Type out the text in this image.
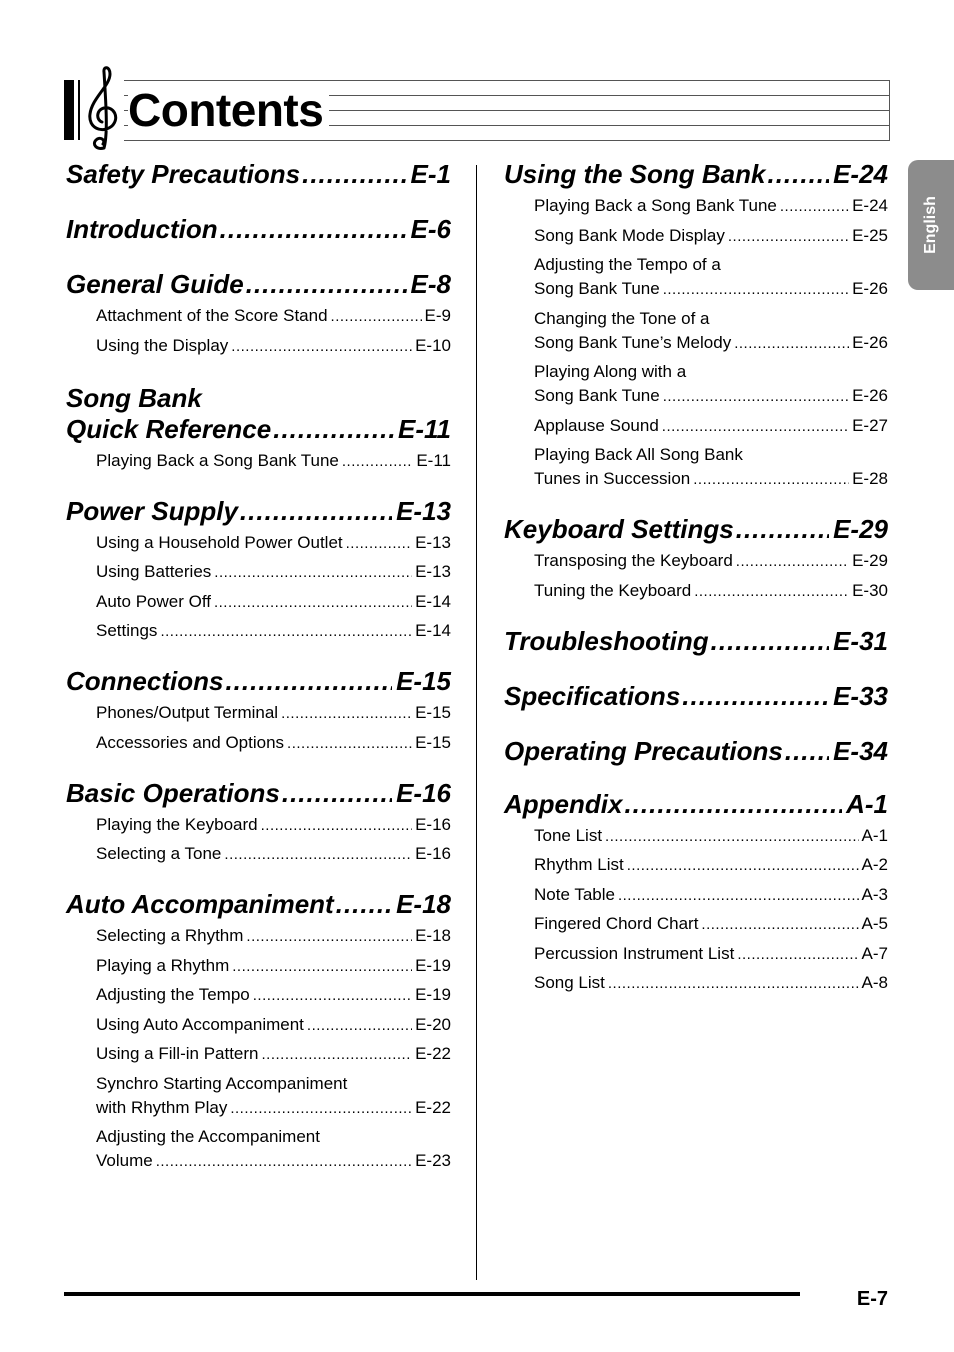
Contents
Safety Precautions .....	E-1
Introduction .....	E-6
General Guide .....	E-8
Attachment of the Score Stand .....	E-9
Using the Display .....	E-10
Song Bank
Quick Reference .....	E-11
Playing Back a Song Bank Tune .....	E-11
Power Supply .....	E-13
Using a Household Power Outlet .....	E-13
Using Batteries .....	E-13
Auto Power Off .....	E-14
Settings .....	E-14
Connections .....	E-15
Phones/Output Terminal .....	E-15
Accessories and Options .....	E-15
Basic Operations .....	E-16
Playing the Keyboard .....	E-16
Selecting a Tone .....	E-16
Auto Accompaniment ..... E-18
Selecting a Rhythm .....	E-18
Playing a Rhythm .....	E-19
Adjusting the Tempo .....	E-19
Using Auto Accompaniment .....	E-20
Using a Fill-in Pattern .....	E-22
Synchro Starting Accompaniment
with Rhythm Play .....	E-22
Adjusting the Accompaniment
Volume .....	E-23
Using the Song Bank .....	E-24
Playing Back a Song Bank Tune .....	E-24
Song Bank Mode Display .....	E-25
Adjusting the Tempo of a
Song Bank Tune .....	E-26
Changing the Tone of a
Song Bank Tune’s Melody .....	E-26
Playing Along with a
Song Bank Tune .....	E-26
Applause Sound .....	E-27
Playing Back All Song Bank
Tunes in Succession .....	E-28
Keyboard Settings .....	E-29
Transposing the Keyboard .....	E-29
Tuning the Keyboard .....	E-30
Troubleshooting .....	E-31
Specifications .....	E-33
Operating Precautions ..... E-34
Appendix .....	A-1
Tone List .....	A-1
Rhythm List .....	A-2
Note Table .....	A-3
Fingered Chord Chart .....	A-5
Percussion Instrument List .....	A-7
Song List .....	A-8
English
E-7
